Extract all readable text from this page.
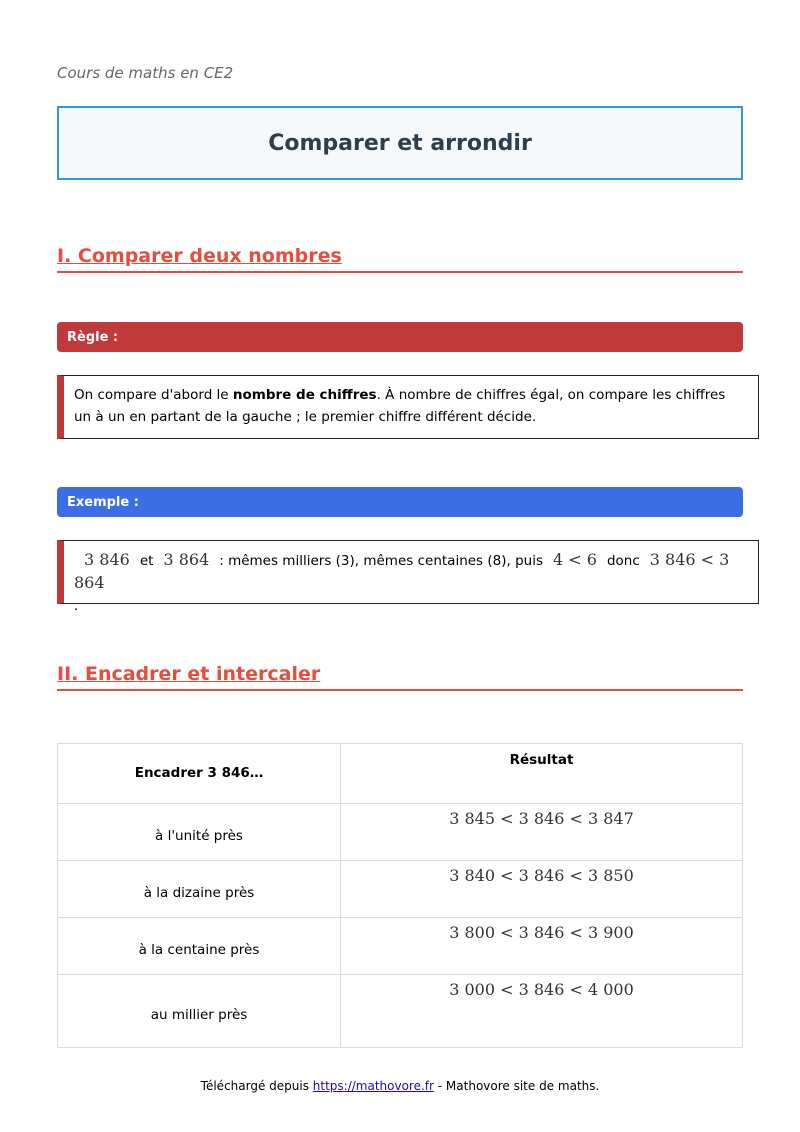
Cours de maths en CE2
Comparer et arrondir
I. Comparer deux nombres
Règle :
On compare d'abord le nombre de chiffres. À nombre de chiffres égal, on compare les chiffres un à un en partant de la gauche ; le premier chiffre différent décide.
Exemple :
3 846 et 3 864 : mêmes milliers (3), mêmes centaines (8), puis 4 < 6 donc 3 846 < 3 864
.
II. Encadrer et intercaler
Encadrer 3 846…	Résultat
à l'unité près	3 845 < 3 846 < 3 847
à la dizaine près	3 840 < 3 846 < 3 850
à la centaine près	3 800 < 3 846 < 3 900
au millier près	3 000 < 3 846 < 4 000
Téléchargé depuis https://mathovore.fr - Mathovore site de maths.
